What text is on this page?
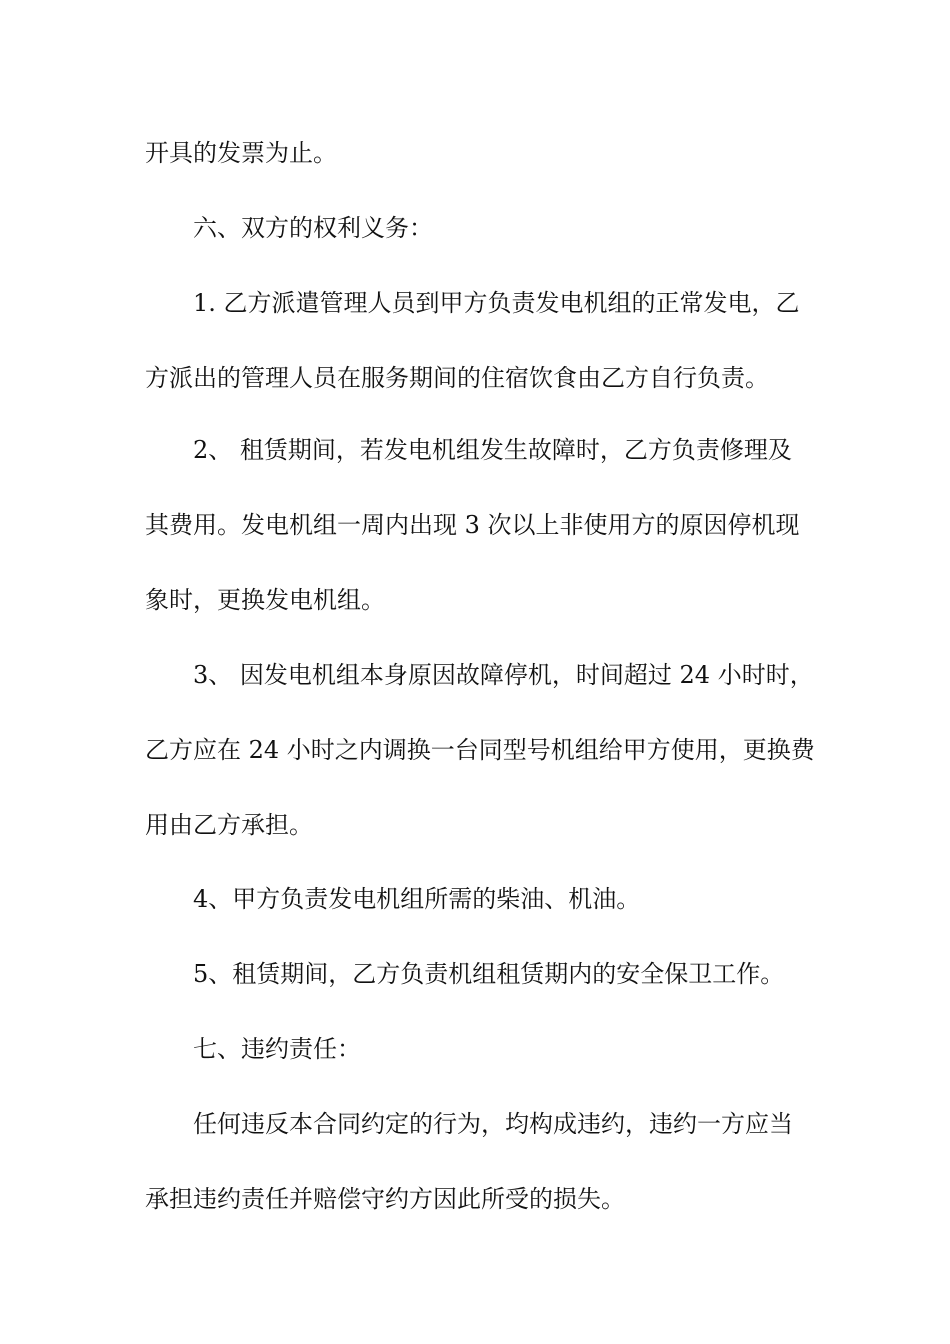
开具的发票为止。
六、双方的权利义务：
1. 乙方派遣管理人员到甲方负责发电机组的正常发电，乙
方派出的管理人员在服务期间的住宿饮食由乙方自行负责。
2、 租赁期间，若发电机组发生故障时，乙方负责修理及
其费用。发电机组一周内出现 3 次以上非使用方的原因停机现
象时，更换发电机组。
3、 因发电机组本身原因故障停机，时间超过 24 小时时，
乙方应在 24 小时之内调换一台同型号机组给甲方使用，更换费
用由乙方承担。
4、甲方负责发电机组所需的柴油、机油。
5、租赁期间，乙方负责机组租赁期内的安全保卫工作。
七、违约责任：
任何违反本合同约定的行为，均构成违约，违约一方应当
承担违约责任并赔偿守约方因此所受的损失。
